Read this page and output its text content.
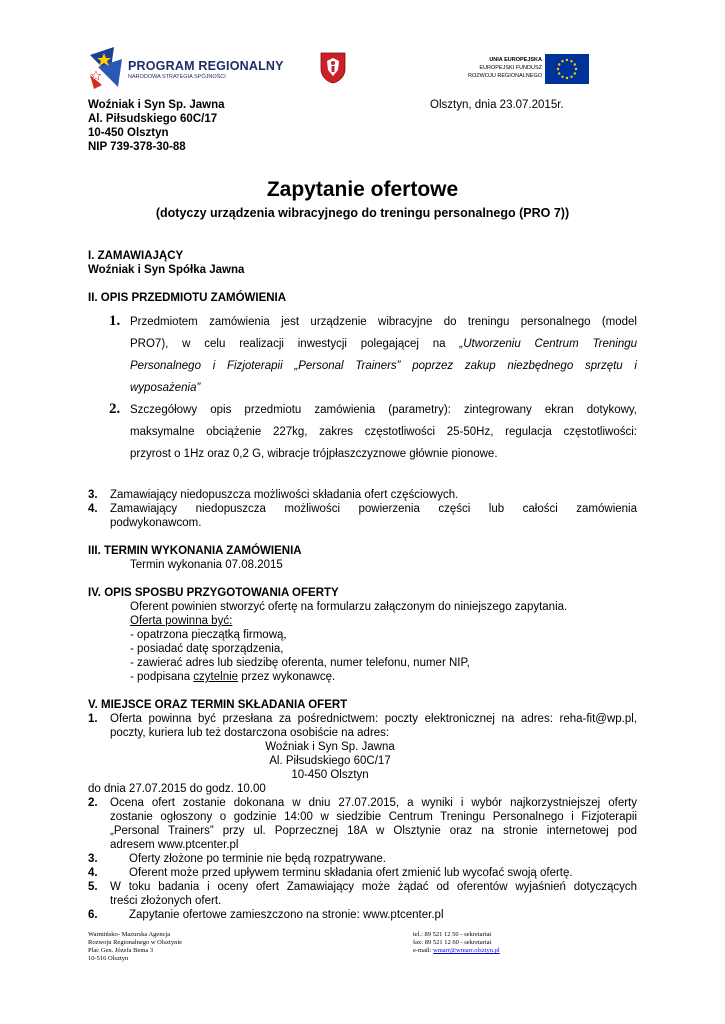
PROGRAM REGIONALNY
NARODOWA STRATEGIA SPÓJNOŚCI
UNIA EUROPEJSKA
EUROPEJSKI FUNDUSZ
ROZWOJU REGIONALNEGO
Woźniak i Syn Sp. Jawna
Al. Piłsudskiego 60C/17
10-450 Olsztyn
NIP 739-378-30-88
Olsztyn, dnia 23.07.2015r.
Zapytanie ofertowe
(dotyczy urządzenia wibracyjnego do treningu personalnego (PRO 7))
I. ZAMAWIAJĄCY
Woźniak i Syn Spółka Jawna
II. OPIS PRZEDMIOTU ZAMÓWIENIA
1. Przedmiotem zamówienia jest urządzenie wibracyjne do treningu personalnego (model
PRO7), w celu realizacji inwestycji polegającej na „Utworzeniu Centrum Treningu
Personalnego i Fizjoterapii „Personal Trainers” poprzez zakup niezbędnego sprzętu i
wyposażenia”
2. Szczegółowy opis przedmiotu zamówienia (parametry): zintegrowany ekran dotykowy,
maksymalne obciążenie 227kg, zakres częstotliwości 25-50Hz, regulacja częstotliwości:
przyrost o 1Hz oraz 0,2 G, wibracje trójpłaszczyznowe głównie pionowe.
3. Zamawiający niedopuszcza możliwości składania ofert częściowych.
4. Zamawiający niedopuszcza możliwości powierzenia części lub całości zamówienia
podwykonawcom.
III. TERMIN WYKONANIA ZAMÓWIENIA
Termin wykonania 07.08.2015
IV. OPIS SPOSBU PRZYGOTOWANIA OFERTY
Oferent powinien stworzyć ofertę na formularzu załączonym do niniejszego zapytania.
Oferta powinna być:
- opatrzona pieczątką firmową,
- posiadać datę sporządzenia,
- zawierać adres lub siedzibę oferenta, numer telefonu, numer NIP,
- podpisana czytelnie przez wykonawcę.
V. MIEJSCE ORAZ TERMIN SKŁADANIA OFERT
1. Oferta powinna być przesłana za pośrednictwem: poczty elektronicznej na adres: reha-fit@wp.pl,
poczty, kuriera lub też dostarczona osobiście na adres:
Woźniak i Syn Sp. Jawna
Al. Piłsudskiego 60C/17
10-450 Olsztyn
do dnia 27.07.2015 do godz. 10.00
2. Ocena ofert zostanie dokonana w dniu 27.07.2015, a wyniki i wybór najkorzystniejszej oferty
zostanie ogłoszony o godzinie 14:00 w siedzibie Centrum Treningu Personalnego i Fizjoterapii
„Personal Trainers” przy ul. Poprzecznej 18A w Olsztynie oraz na stronie internetowej pod
adresem www.ptcenter.pl
3.	Oferty złożone po terminie nie będą rozpatrywane.
4.	Oferent może przed upływem terminu składania ofert zmienić lub wycofać swoją ofertę.
5. W toku badania i oceny ofert Zamawiający może żądać od oferentów wyjaśnień dotyczących
treści złożonych ofert.
6.	Zapytanie ofertowe zamieszczono na stronie: www.ptcenter.pl
Warmińsko- Mazurska Agencja
Rozwoju Regionalnego w Olsztynie
Plac Gen. Józefa Bema 3
10-516 Olsztyn
tel.: 89 521 12 50 - sekretariat
fax: 89 521 12 60 - sekretariat
e-mail: wmarr@wmarr.olsztyn.pl
